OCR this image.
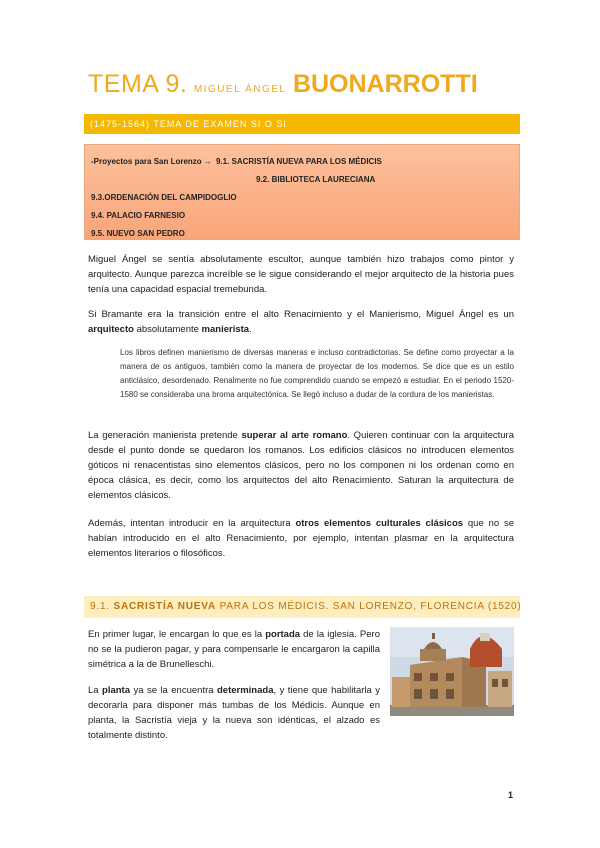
TEMA 9. MIGUEL ÁNGEL BUONARROTTI
(1475-1564) TEMA DE EXAMEN SI O SI
-Proyectos para San Lorenzo → 9.1. SACRISTÍA NUEVA PARA LOS MÉDICIS
9.2. BIBLIOTECA LAURECIANA
9.3.ORDENACIÓN DEL CAMPIDOGLIO
9.4. PALACIO FARNESIO
9.5. NUEVO SAN PEDRO
Miguel Ángel se sentía absolutamente escultor, aunque también hizo trabajos como pintor y arquitecto. Aunque parezca increíble se le sigue considerando el mejor arquitecto de la historia pues tenía una capacidad espacial tremebunda.
Si Bramante era la transición entre el alto Renacimiento y el Manierismo, Miguel Ángel es un arquitecto absolutamente manierista.
Los libros definen manierismo de diversas maneras e incluso contradictorias. Se define como proyectar a la manera de os antiguos, también como la manera de proyectar de los modernos. Se dice que es un estilo anticlásico, desordenado. Renalmente no fue comprendido cuando se empezó a estudiar. En el periodo 1520-1580 se consideraba una broma arquitectónica. Se llegó incluso a dudar de la cordura de los manieristas.
La generación manierista pretende superar al arte romano. Quieren continuar con la arquitectura desde el punto donde se quedaron los romanos. Los edificios clásicos no introducen elementos góticos ni renacentistas sino elementos clásicos, pero no los componen ni los ordenan como en época clásica, es decir, como los arquitectos del alto Renacimiento. Saturan la arquitectura de elementos clásicos.
Además, intentan introducir en la arquitectura otros elementos culturales clásicos que no se habían introducido en el alto Renacimiento, por ejemplo, intentan plasmar en la arquitectura elementos literarios o filosóficos.
9.1. SACRISTÍA NUEVA PARA LOS MÉDICIS. SAN LORENZO, FLORENCIA (1520)
En primer lugar, le encargan lo que es la portada de la iglesia. Pero no se la pudieron pagar, y para compensarle le encargaron la capilla simétrica a la de Brunelleschi.
La planta ya se la encuentra determinada, y tiene que habilitarla y decorarla para disponer más tumbas de los Médicis. Aunque en planta, la Sacristía vieja y la nueva son idénticas, el alzado es totalmente distinto.
1
